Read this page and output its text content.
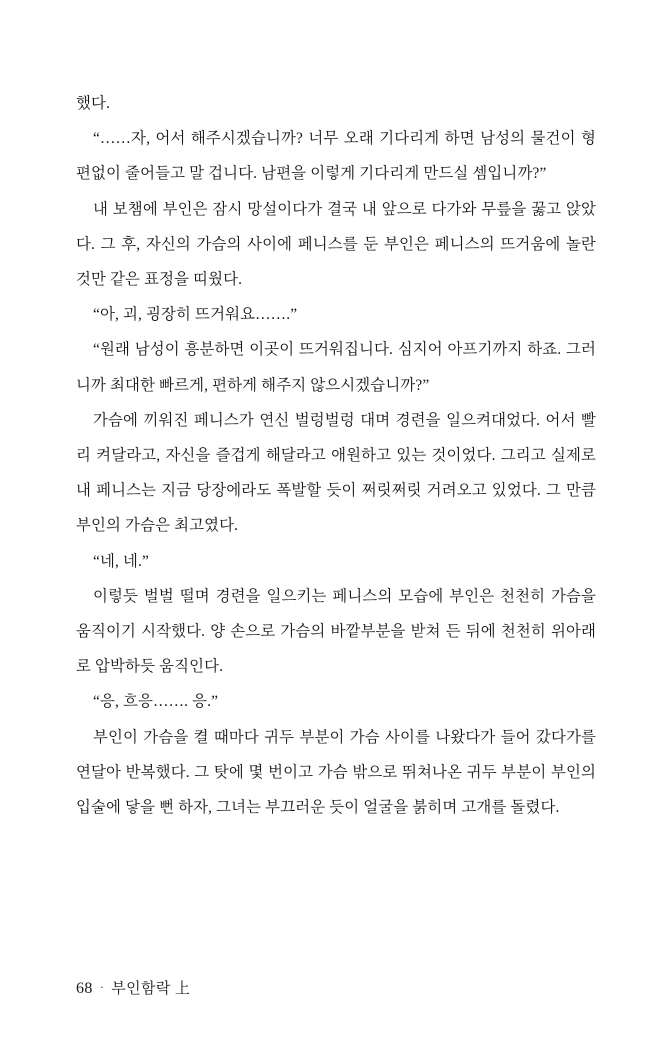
했다.

“……자, 어서 해주시겠습니까? 너무 오래 기다리게 하면 남성의 물건이 형편없이 줄어들고 말 겁니다. 남편을 이렇게 기다리게 만드실 셈입니까?”

내 보챔에 부인은 잠시 망설이다가 결국 내 앞으로 다가와 무릎을 꿇고 앉았다. 그 후, 자신의 가슴의 사이에 페니스를 둔 부인은 페니스의 뜨거움에 놀란 것만 같은 표정을 띠웠다.

“아, 괴, 굉장히 뜨거워요…….”

“원래 남성이 흥분하면 이곳이 뜨거워집니다. 심지어 아프기까지 하죠. 그러니까 최대한 빠르게, 편하게 해주지 않으시겠습니까?”

가슴에 끼워진 페니스가 연신 벌렁벌렁 대며 경련을 일으켜대었다. 어서 빨리 켜달라고, 자신을 즐겁게 해달라고 애원하고 있는 것이었다. 그리고 실제로 내 페니스는 지금 당장에라도 폭발할 듯이 쩌릿쩌릿 거려오고 있었다. 그 만큼 부인의 가슴은 최고였다.

“네, 네.”

이렇듯 벌벌 떨며 경련을 일으키는 페니스의 모습에 부인은 천천히 가슴을 움직이기 시작했다. 양 손으로 가슴의 바깥부분을 받쳐 든 뒤에 천천히 위아래로 압박하듯 움직인다.

“응, 흐응……. 응.”

부인이 가슴을 켤 때마다 귀두 부분이 가슴 사이를 나왔다가 들어 갔다가를 연달아 반복했다. 그 탓에 몇 번이고 가슴 밖으로 뛰쳐나온 귀두 부분이 부인의 입술에 닿을 뻔 하자, 그녀는 부끄러운 듯이 얼굴을 붉히며 고개를 돌렸다.

68 · 부인함락 上
